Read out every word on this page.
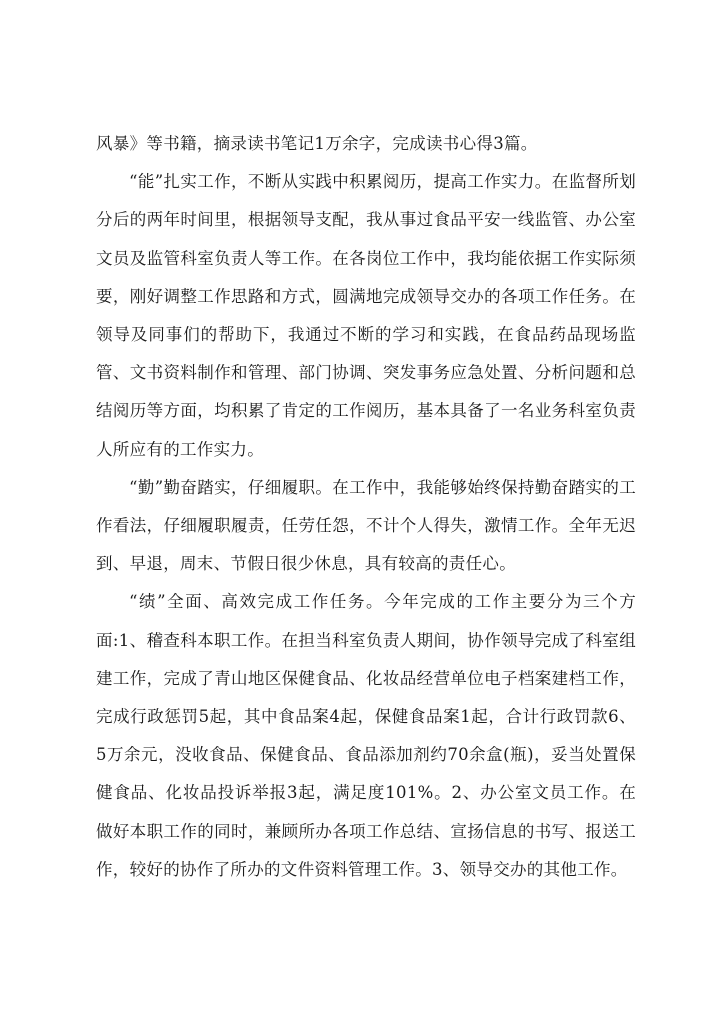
风暴》等书籍，摘录读书笔记1万余字，完成读书心得3篇。

“能”扎实工作，不断从实践中积累阅历，提高工作实力。在监督所划分后的两年时间里，根据领导支配，我从事过食品平安一线监管、办公室文员及监管科室负责人等工作。在各岗位工作中，我均能依据工作实际须要，刚好调整工作思路和方式，圆满地完成领导交办的各项工作任务。在领导及同事们的帮助下，我通过不断的学习和实践，在食品药品现场监管、文书资料制作和管理、部门协调、突发事务应急处置、分析问题和总结阅历等方面，均积累了肯定的工作阅历，基本具备了一名业务科室负责人所应有的工作实力。

“勤”勤奋踏实，仔细履职。在工作中，我能够始终保持勤奋踏实的工作看法，仔细履职履责，任劳任怨，不计个人得失，激情工作。全年无迟到、早退，周末、节假日很少休息，具有较高的责任心。

“绩”全面、高效完成工作任务。今年完成的工作主要分为三个方面:1、稽查科本职工作。在担当科室负责人期间，协作领导完成了科室组建工作，完成了青山地区保健食品、化妆品经营单位电子档案建档工作，完成行政惩罚5起，其中食品案4起，保健食品案1起，合计行政罚款6、5万余元，没收食品、保健食品、食品添加剂约70余盒(瓶)，妥当处置保健食品、化妆品投诉举报3起，满足度101%。2、办公室文员工作。在做好本职工作的同时，兼顾所办各项工作总结、宣扬信息的书写、报送工作，较好的协作了所办的文件资料管理工作。3、领导交办的其他工作。
